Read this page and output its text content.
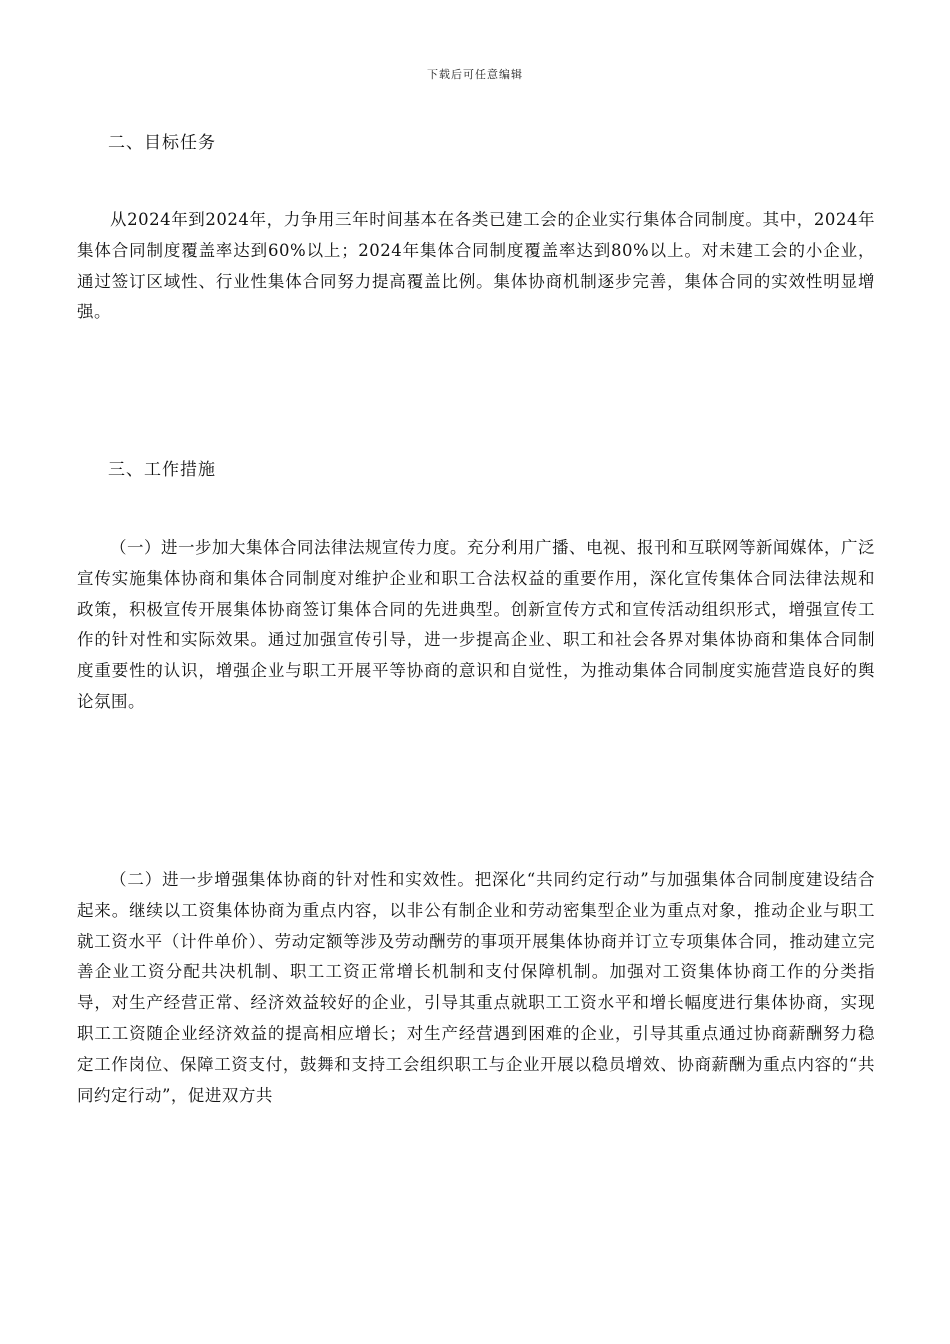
下载后可任意编辑
二、目标任务
从2024年到2024年，力争用三年时间基本在各类已建工会的企业实行集体合同制度。其中，2024年集体合同制度覆盖率达到60%以上；2024年集体合同制度覆盖率达到80%以上。对未建工会的小企业，通过签订区域性、行业性集体合同努力提高覆盖比例。集体协商机制逐步完善，集体合同的实效性明显增强。
三、工作措施
（一）进一步加大集体合同法律法规宣传力度。充分利用广播、电视、报刊和互联网等新闻媒体，广泛宣传实施集体协商和集体合同制度对维护企业和职工合法权益的重要作用，深化宣传集体合同法律法规和政策，积极宣传开展集体协商签订集体合同的先进典型。创新宣传方式和宣传活动组织形式，增强宣传工作的针对性和实际效果。通过加强宣传引导，进一步提高企业、职工和社会各界对集体协商和集体合同制度重要性的认识，增强企业与职工开展平等协商的意识和自觉性，为推动集体合同制度实施营造良好的舆论氛围。
（二）进一步增强集体协商的针对性和实效性。把深化“共同约定行动”与加强集体合同制度建设结合起来。继续以工资集体协商为重点内容，以非公有制企业和劳动密集型企业为重点对象，推动企业与职工就工资水平（计件单价）、劳动定额等涉及劳动酬劳的事项开展集体协商并订立专项集体合同，推动建立完善企业工资分配共决机制、职工工资正常增长机制和支付保障机制。加强对工资集体协商工作的分类指导，对生产经营正常、经济效益较好的企业，引导其重点就职工工资水平和增长幅度进行集体协商，实现职工工资随企业经济效益的提高相应增长；对生产经营遇到困难的企业，引导其重点通过协商薪酬努力稳定工作岗位、保障工资支付，鼓舞和支持工会组织职工与企业开展以稳员增效、协商薪酬为重点内容的“共同约定行动”，促进双方共
